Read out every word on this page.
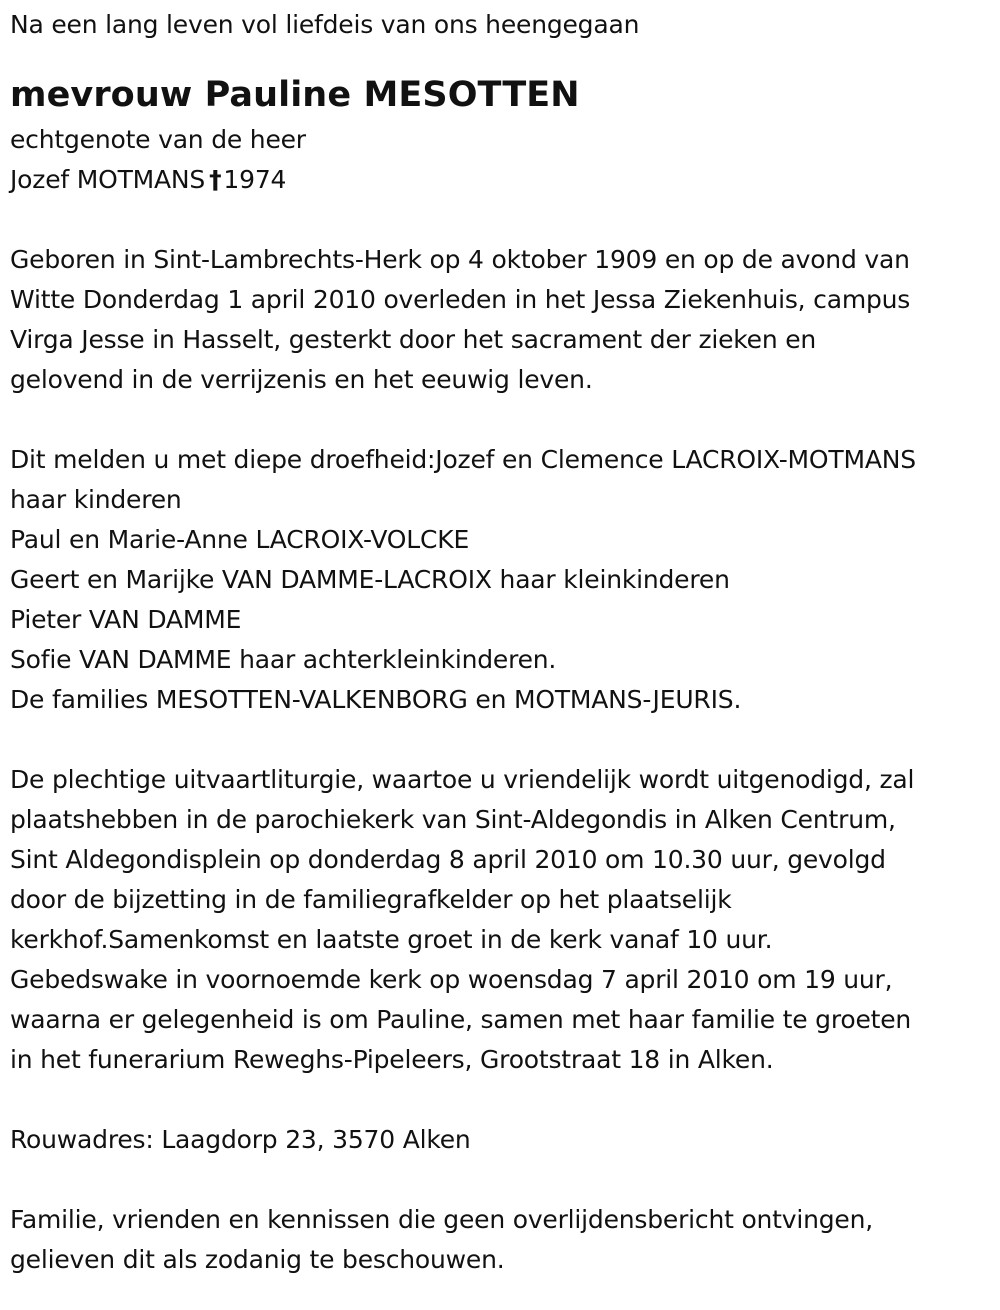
Na een lang leven vol liefdeis van ons heengegaan
mevrouw Pauline MESOTTEN
echtgenote van de heer
Jozef MOTMANS †1974
Geboren in Sint-Lambrechts-Herk op 4 oktober 1909 en op de avond van
Witte Donderdag 1 april 2010 overleden in het Jessa Ziekenhuis, campus
Virga Jesse in Hasselt, gesterkt door het sacrament der zieken en
gelovend in de verrijzenis en het eeuwig leven.
Dit melden u met diepe droefheid:Jozef en Clemence LACROIX-MOTMANS
haar kinderen
Paul en Marie-Anne LACROIX-VOLCKE
Geert en Marijke VAN DAMME-LACROIX haar kleinkinderen
Pieter VAN DAMME
Sofie VAN DAMME haar achterkleinkinderen.
De families MESOTTEN-VALKENBORG en MOTMANS-JEURIS.
De plechtige uitvaartliturgie, waartoe u vriendelijk wordt uitgenodigd, zal
plaatshebben in de parochiekerk van Sint-Aldegondis in Alken Centrum,
Sint Aldegondisplein op donderdag 8 april 2010 om 10.30 uur, gevolgd
door de bijzetting in de familiegrafkelder op het plaatselijk
kerkhof.Samenkomst en laatste groet in de kerk vanaf 10 uur.
Gebedswake in voornoemde kerk op woensdag 7 april 2010 om 19 uur,
waarna er gelegenheid is om Pauline, samen met haar familie te groeten
in het funerarium Reweghs-Pipeleers, Grootstraat 18 in Alken.
Rouwadres: Laagdorp 23, 3570 Alken
Familie, vrienden en kennissen die geen overlijdensbericht ontvingen,
gelieven dit als zodanig te beschouwen.
